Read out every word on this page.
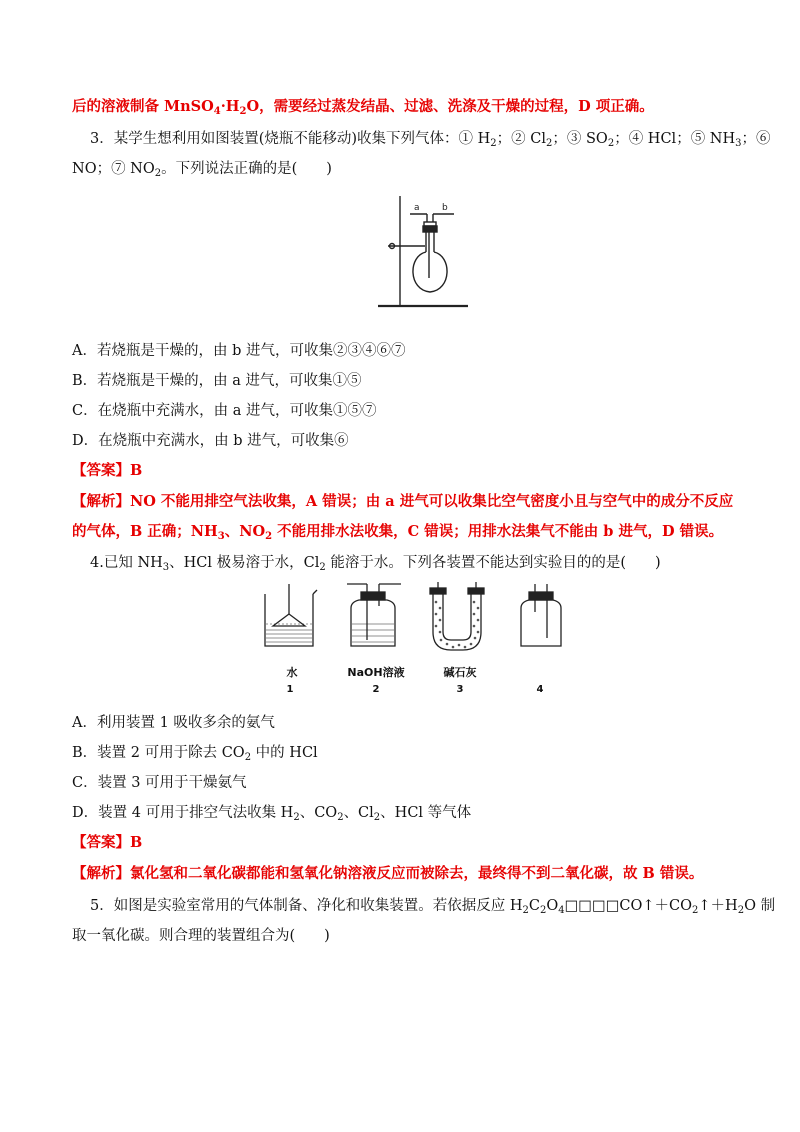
后的溶液制备 $MnSO_4\cdot H_2O$，需要经过蒸发结晶、过滤、洗涤及干燥的过程，D 项正确。
3．某学生想利用如图装置(烧瓶不能移动)收集下列气体：① $H_2$；② $Cl_2$；③ $SO_2$；④ HCl；⑤ $NH_3$；⑥
NO；⑦ $NO_2$。下列说法正确的是(　　)
a b
A．若烧瓶是干燥的，由 b 进气，可收集②③④⑥⑦
B．若烧瓶是干燥的，由 a 进气，可收集①⑤
C．在烧瓶中充满水，由 a 进气，可收集①⑤⑦
D．在烧瓶中充满水，由 b 进气，可收集⑥
【答案】B
【解析】NO 不能用排空气法收集，A 错误；由 a 进气可以收集比空气密度小且与空气中的成分不反应
的气体，B 正确；$NH_3$、$NO_2$ 不能用排水法收集，C 错误；用排水法集气不能由 b 进气，D 错误。
4.已知 $NH_3$、HCl 极易溶于水，$Cl_2$ 能溶于水。下列各装置不能达到实验目的的是(　　)
水	NaOH溶液	碱石灰
1	2	3	4
A．利用装置 1 吸收多余的氨气
B．装置 2 可用于除去 $CO_2$ 中的 HCl
C．装置 3 可用于干燥氨气
D．装置 4 可用于排空气法收集 $H_2$、$CO_2$、$Cl_2$、HCl 等气体
【答案】B
【解析】氯化氢和二氧化碳都能和氢氧化钠溶液反应而被除去，最终得不到二氧化碳，故 B 错误。
5．如图是实验室常用的气体制备、净化和收集装置。若依据反应 $H_2C_2O_4□□□□CO↑+CO_2↑+H_2O$ 制
取一氧化碳。则合理的装置组合为(　　)
